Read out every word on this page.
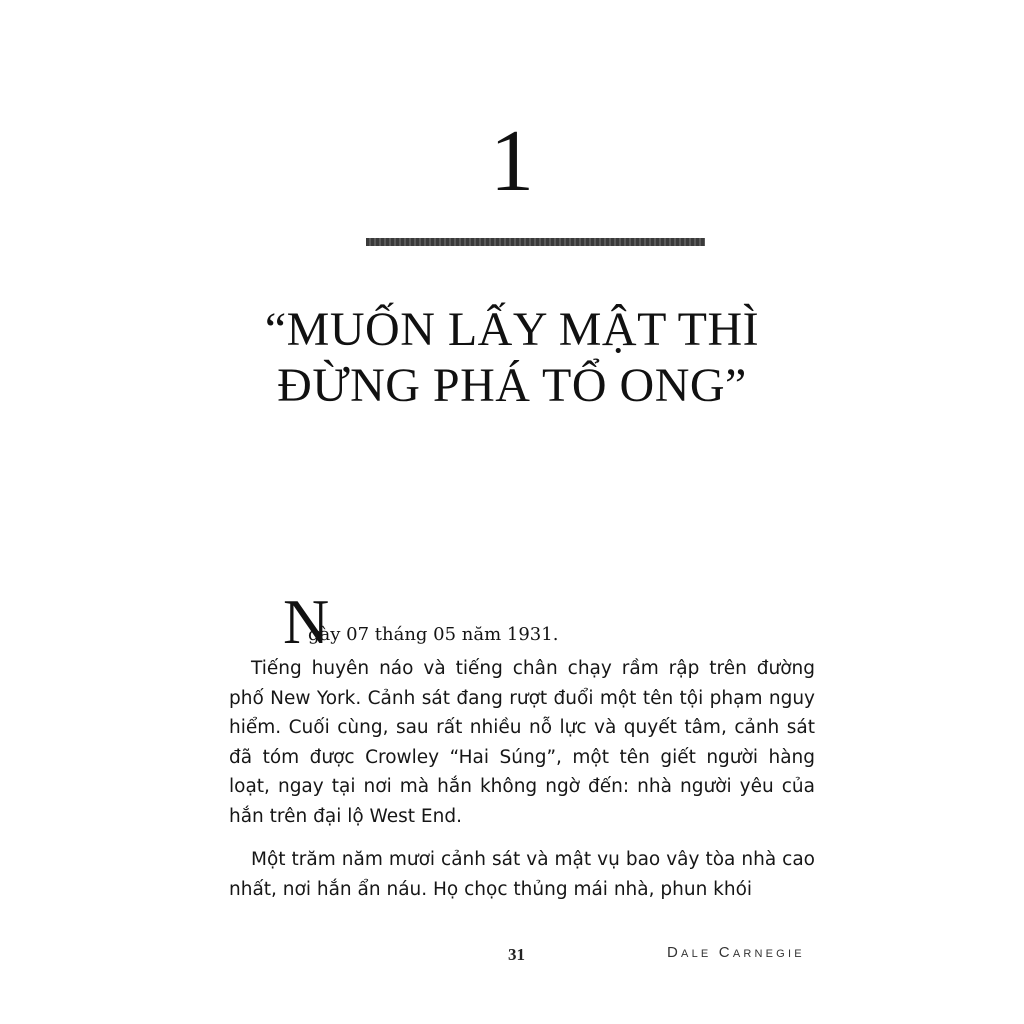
1
“MUỐN LẤY MẬT THÌ
ĐỪNG PHÁ TỔ ONG”
N
gày 07 tháng 05 năm 1931.

Tiếng huyên náo và tiếng chân chạy rầm rập trên đường phố New York. Cảnh sát đang rượt đuổi một tên tội phạm nguy hiểm. Cuối cùng, sau rất nhiều nỗ lực và quyết tâm, cảnh sát đã tóm được Crowley “Hai Súng”, một tên giết người hàng loạt, ngay tại nơi mà hắn không ngờ đến: nhà người yêu của hắn trên đại lộ West End.

Một trăm năm mươi cảnh sát và mật vụ bao vây tòa nhà cao nhất, nơi hắn ẩn náu. Họ chọc thủng mái nhà, phun khói

31	Dale Carnegie
